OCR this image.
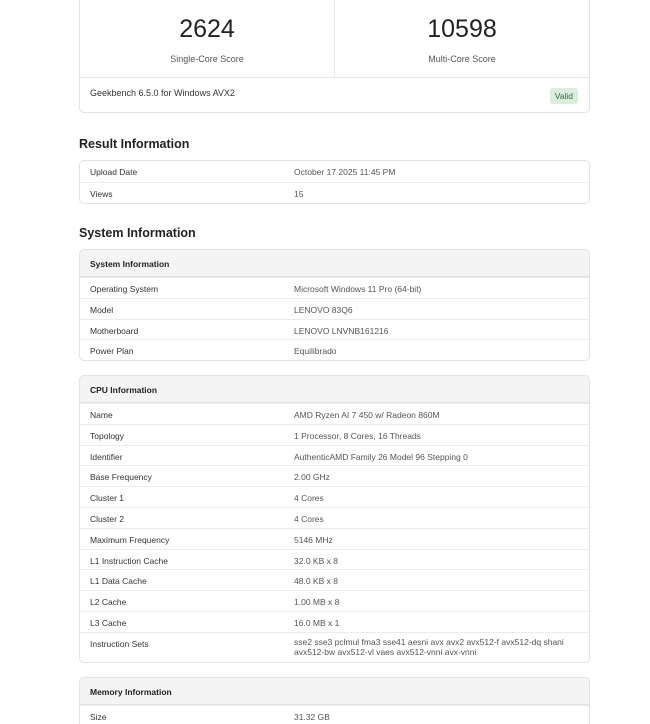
2624
Single-Core Score
10598
Multi-Core Score
Geekbench 6.5.0 for Windows AVX2	Valid
Result Information
Upload Date	October 17 2025 11:45 PM
Views	15
System Information
System Information
Operating System	Microsoft Windows 11 Pro (64-bit)
Model	LENOVO 83Q6
Motherboard	LENOVO LNVNB161216
Power Plan	Equilibrado
CPU Information
Name	AMD Ryzen AI 7 450 w/ Radeon 860M
Topology	1 Processor, 8 Cores, 16 Threads
Identifier	AuthenticAMD Family 26 Model 96 Stepping 0
Base Frequency	2.00 GHz
Cluster 1	4 Cores
Cluster 2	4 Cores
Maximum Frequency	5146 MHz
L1 Instruction Cache	32.0 KB x 8
L1 Data Cache	48.0 KB x 8
L2 Cache	1.00 MB x 8
L3 Cache	16.0 MB x 1
Instruction Sets	sse2 sse3 pclmul fma3 sse41 aesni avx avx2 avx512-f avx512-dq shani avx512-bw avx512-vl vaes avx512-vnni avx-vnni
Memory Information
Size	31.32 GB
